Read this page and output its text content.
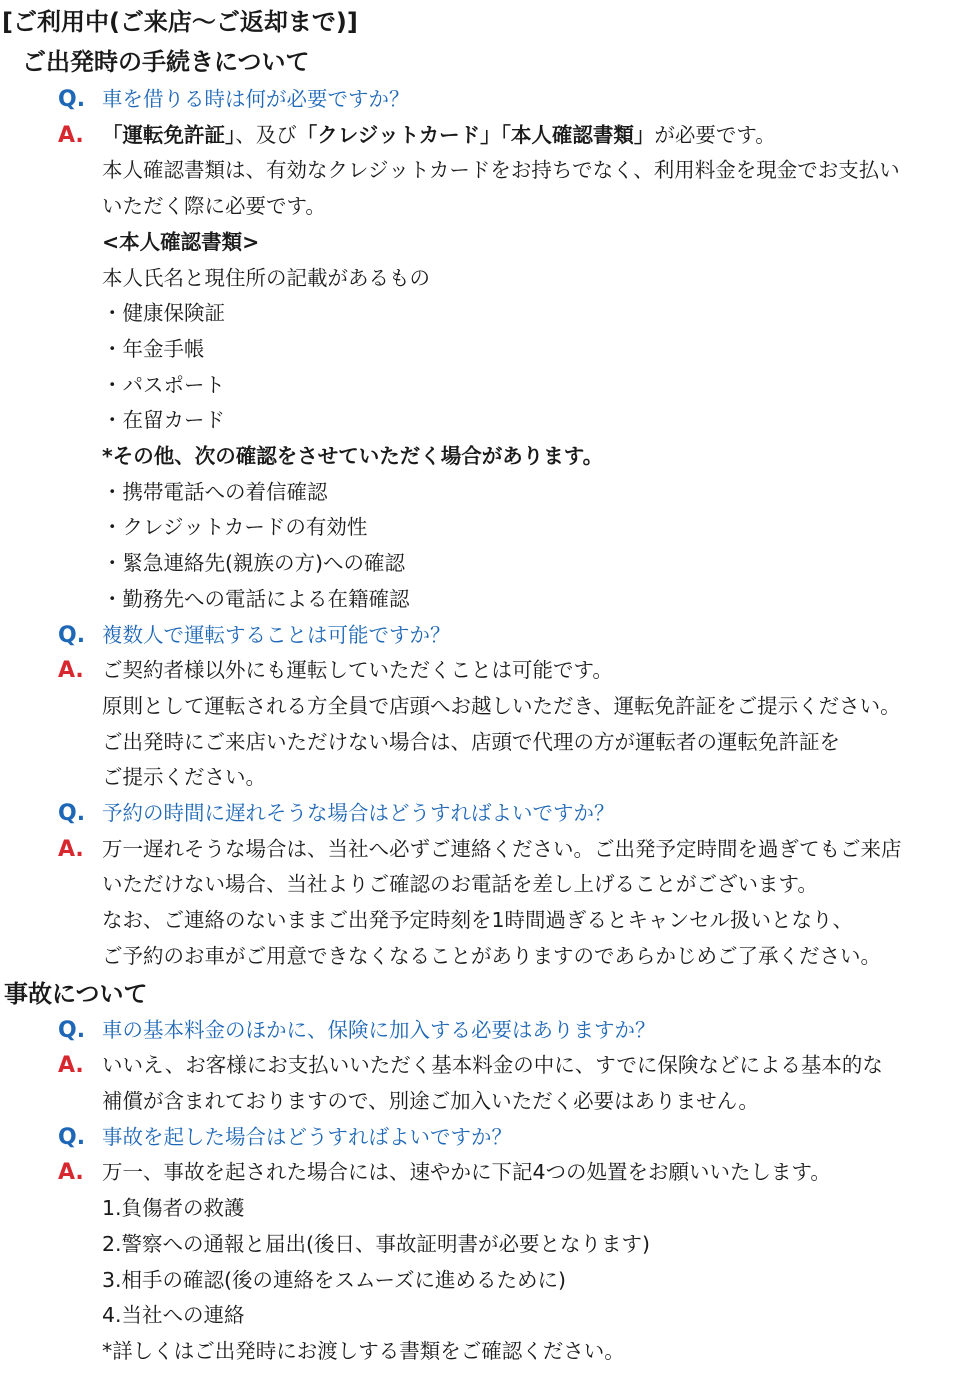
[ご利用中(ご来店～ご返却まで)]
ご出発時の手続きについて
Q. 車を借りる時は何が必要ですか？
A. 「運転免許証」、及び「クレジットカード」「本人確認書類」が必要です。
本人確認書類は、有効なクレジットカードをお持ちでなく、利用料金を現金でお支払い
いただく際に必要です。
<本人確認書類>
本人氏名と現住所の記載があるもの
・健康保険証
・年金手帳
・パスポート
・在留カード
*その他、次の確認をさせていただく場合があります。
・携帯電話への着信確認
・クレジットカードの有効性
・緊急連絡先(親族の方)への確認
・勤務先への電話による在籍確認
Q. 複数人で運転することは可能ですか？
A. ご契約者様以外にも運転していただくことは可能です。
原則として運転される方全員で店頭へお越しいただき、運転免許証をご提示ください。
ご出発時にご来店いただけない場合は、店頭で代理の方が運転者の運転免許証を
ご提示ください。
Q. 予約の時間に遅れそうな場合はどうすればよいですか？
A. 万一遅れそうな場合は、当社へ必ずご連絡ください。ご出発予定時間を過ぎてもご来店
いただけない場合、当社よりご確認のお電話を差し上げることがございます。
なお、ご連絡のないままご出発予定時刻を1時間過ぎるとキャンセル扱いとなり、
ご予約のお車がご用意できなくなることがありますのであらかじめご了承ください。
事故について
Q. 車の基本料金のほかに、保険に加入する必要はありますか？
A. いいえ、お客様にお支払いいただく基本料金の中に、すでに保険などによる基本的な
補償が含まれておりますので、別途ご加入いただく必要はありません。
Q. 事故を起した場合はどうすればよいですか？
A. 万一、事故を起された場合には、速やかに下記4つの処置をお願いいたします。
1.負傷者の救護
2.警察への通報と届出(後日、事故証明書が必要となります)
3.相手の確認(後の連絡をスムーズに進めるために)
4.当社への連絡
*詳しくはご出発時にお渡しする書類をご確認ください。
